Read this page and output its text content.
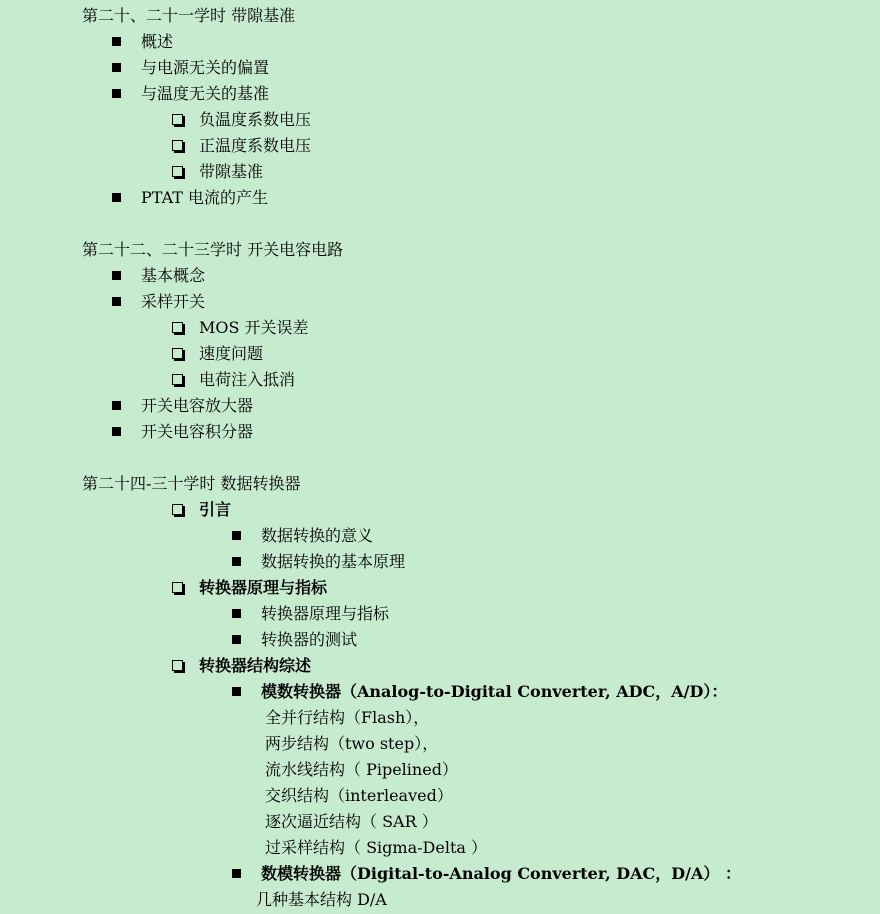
第二十、二十一学时 带隙基准
概述
与电源无关的偏置
与温度无关的基准
负温度系数电压
正温度系数电压
带隙基准
PTAT 电流的产生
第二十二、二十三学时 开关电容电路
基本概念
采样开关
MOS 开关误差
速度问题
电荷注入抵消
开关电容放大器
开关电容积分器
第二十四-三十学时 数据转换器
引言
数据转换的意义
数据转换的基本原理
转换器原理与指标
转换器原理与指标
转换器的测试
转换器结构综述
模数转换器（Analog-to-Digital Converter, ADC，A/D）：
全并行结构（Flash），
两步结构（two step），
流水线结构（ Pipelined）
交织结构（interleaved）
逐次逼近结构（ SAR ）
过采样结构（ Sigma-Delta ）
数模转换器（Digital-to-Analog Converter, DAC，D/A） ：
几种基本结构 D/A
